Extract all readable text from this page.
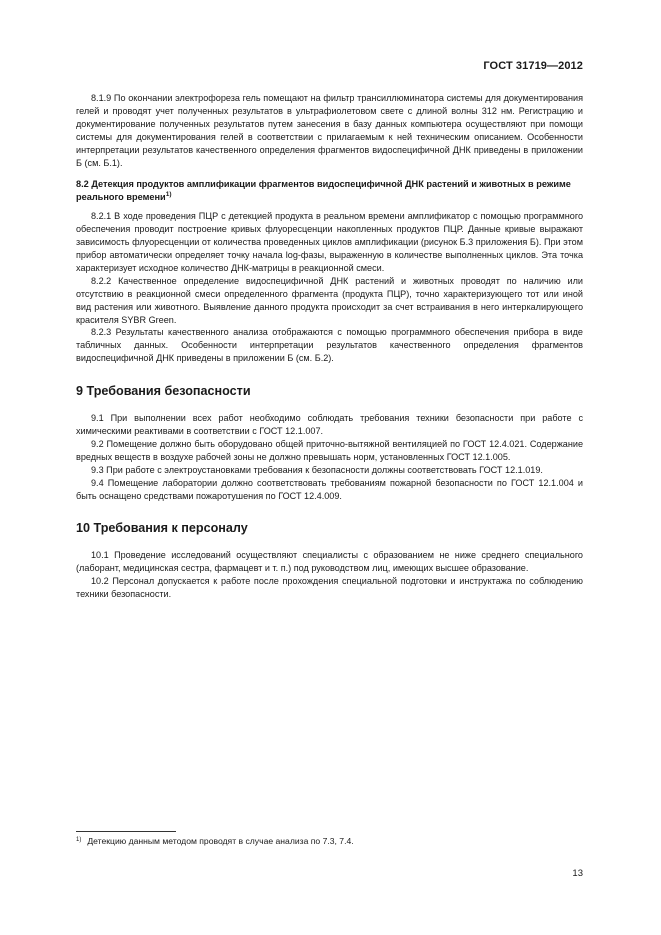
ГОСТ 31719—2012

8.1.9 По окончании электрофореза гель помещают на фильтр трансиллюминатора системы для документирования гелей и проводят учет полученных результатов в ультрафиолетовом свете с длиной волны 312 нм. Регистрацию и документирование полученных результатов путем занесения в базу данных компьютера осуществляют при помощи системы для документирования гелей в соответствии с прилагаемым к ней техническим описанием. Особенности интерпретации результатов качественного определения фрагментов видоспецифичной ДНК приведены в приложении Б (см. Б.1).

8.2 Детекция продуктов амплификации фрагментов видоспецифичной ДНК растений и животных в режиме реального времени$^{1)}$

8.2.1 В ходе проведения ПЦР с детекцией продукта в реальном времени амплификатор с помощью программного обеспечения проводит построение кривых флуоресценции накопленных продуктов ПЦР. Данные кривые выражают зависимость флуоресценции от количества проведенных циклов амплификации (рисунок Б.3 приложения Б). При этом прибор автоматически определяет точку начала log-фазы, выраженную в количестве выполненных циклов. Эта точка характеризует исходное количество ДНК-матрицы в реакционной смеси.

8.2.2 Качественное определение видоспецифичной ДНК растений и животных проводят по наличию или отсутствию в реакционной смеси определенного фрагмента (продукта ПЦР), точно характеризующего тот или иной вид растения или животного. Выявление данного продукта происходит за счет встраивания в него интеркалирующего красителя SYBR Green.

8.2.3 Результаты качественного анализа отображаются с помощью программного обеспечения прибора в виде табличных данных. Особенности интерпретации результатов качественного определения фрагментов видоспецифичной ДНК приведены в приложении Б (см. Б.2).

9 Требования безопасности

9.1 При выполнении всех работ необходимо соблюдать требования техники безопасности при работе с химическими реактивами в соответствии с ГОСТ 12.1.007.

9.2 Помещение должно быть оборудовано общей приточно-вытяжной вентиляцией по ГОСТ 12.4.021. Содержание вредных веществ в воздухе рабочей зоны не должно превышать норм, установленных ГОСТ 12.1.005.

9.3 При работе с электроустановками требования к безопасности должны соответствовать ГОСТ 12.1.019.

9.4 Помещение лаборатории должно соответствовать требованиям пожарной безопасности по ГОСТ 12.1.004 и быть оснащено средствами пожаротушения по ГОСТ 12.4.009.

10 Требования к персоналу

10.1 Проведение исследований осуществляют специалисты с образованием не ниже среднего специального (лаборант, медицинская сестра, фармацевт и т. п.) под руководством лиц, имеющих высшее образование.

10.2 Персонал допускается к работе после прохождения специальной подготовки и инструктажа по соблюдению техники безопасности.

$^{1)}$ Детекцию данным методом проводят в случае анализа по 7.3, 7.4.
13
